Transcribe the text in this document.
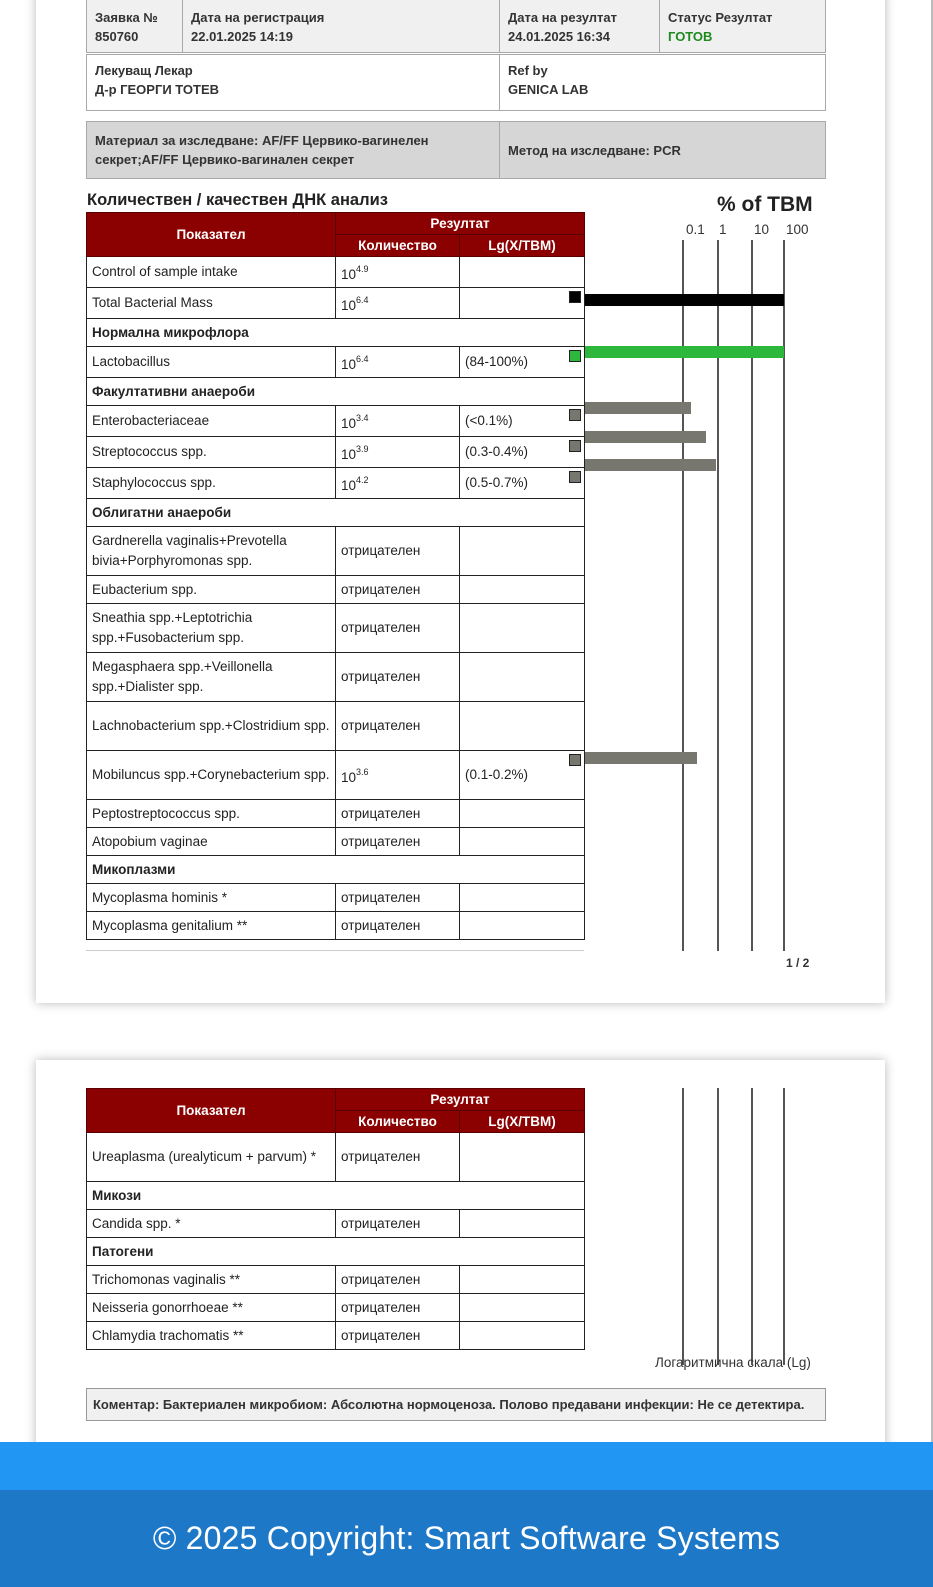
Заявка №
850760

Дата на регистрация
22.01.2025 14:19

Дата на резултат
24.01.2025 16:34

Статус Резултат
ГОТОВ
Лекуващ Лекар
Д-р ГЕОРГИ ТОТЕВ

Ref by
GENICA LAB
Материал за изследване: AF/FF Цервико-вагинелен
секрет;AF/FF Цервико-вагинален секрет
	Метод на изследване: PCR
Количествен / качествен ДНК анализ	% of TBM
0.1 1 10 100
Показател	Резултат	
	Количество	Lg(X/TBM)
Control of sample intake	$10^{4.9}$	
Total Bacterial Mass	$10^{6.4}$	

Нормална микрофлора		
Lactobacillus	$10^{6.4}$	(84-100%)

Факултативни анаероби		
Enterobacteriaceae	$10^{3.4}$	(<0.1%)

Streptococcus spp.	$10^{3.9}$	(0.3-0.4%)

Staphylococcus spp.	$10^{4.2}$	(0.5-0.7%)

Облигатни анаероби		
Gardnerella vaginalis+Prevotella bivia+Porphyromonas spp.	отрицателен	
Eubacterium spp.	отрицателен	
Sneathia spp.+Leptotrichia spp.+Fusobacterium spp.	отрицателен	
Megasphaera spp.+Veillonella spp.+Dialister spp.	отрицателен	
Lachnobacterium spp.+Clostridium spp.	отрицателен	
Mobiluncus spp.+Corynebacterium spp.	$10^{3.6}$	(0.1-0.2%)

Peptostreptococcus spp.	отрицателен	
Atopobium vaginae	отрицателен	
Микоплазми		
Mycoplasma hominis *	отрицателен	
Mycoplasma genitalium **	отрицателен	
1 / 2
Показател	Резултат	
	Количество	Lg(X/TBM)
Ureaplasma (urealyticum + parvum) *	отрицателен	
Микози		
Candida spp. *	отрицателен	
Патогени		
Trichomonas vaginalis **	отрицателен	
Neisseria gonorrhoeae **	отрицателен	
Chlamydia trachomatis **	отрицателен	
Логаритмична скала (Lg)
Коментар: Бактериален микробиом: Абсолютна нормоценоза. Полово предавани инфекции: Не се детектира.
© 2025 Copyright: Smart Software Systems
